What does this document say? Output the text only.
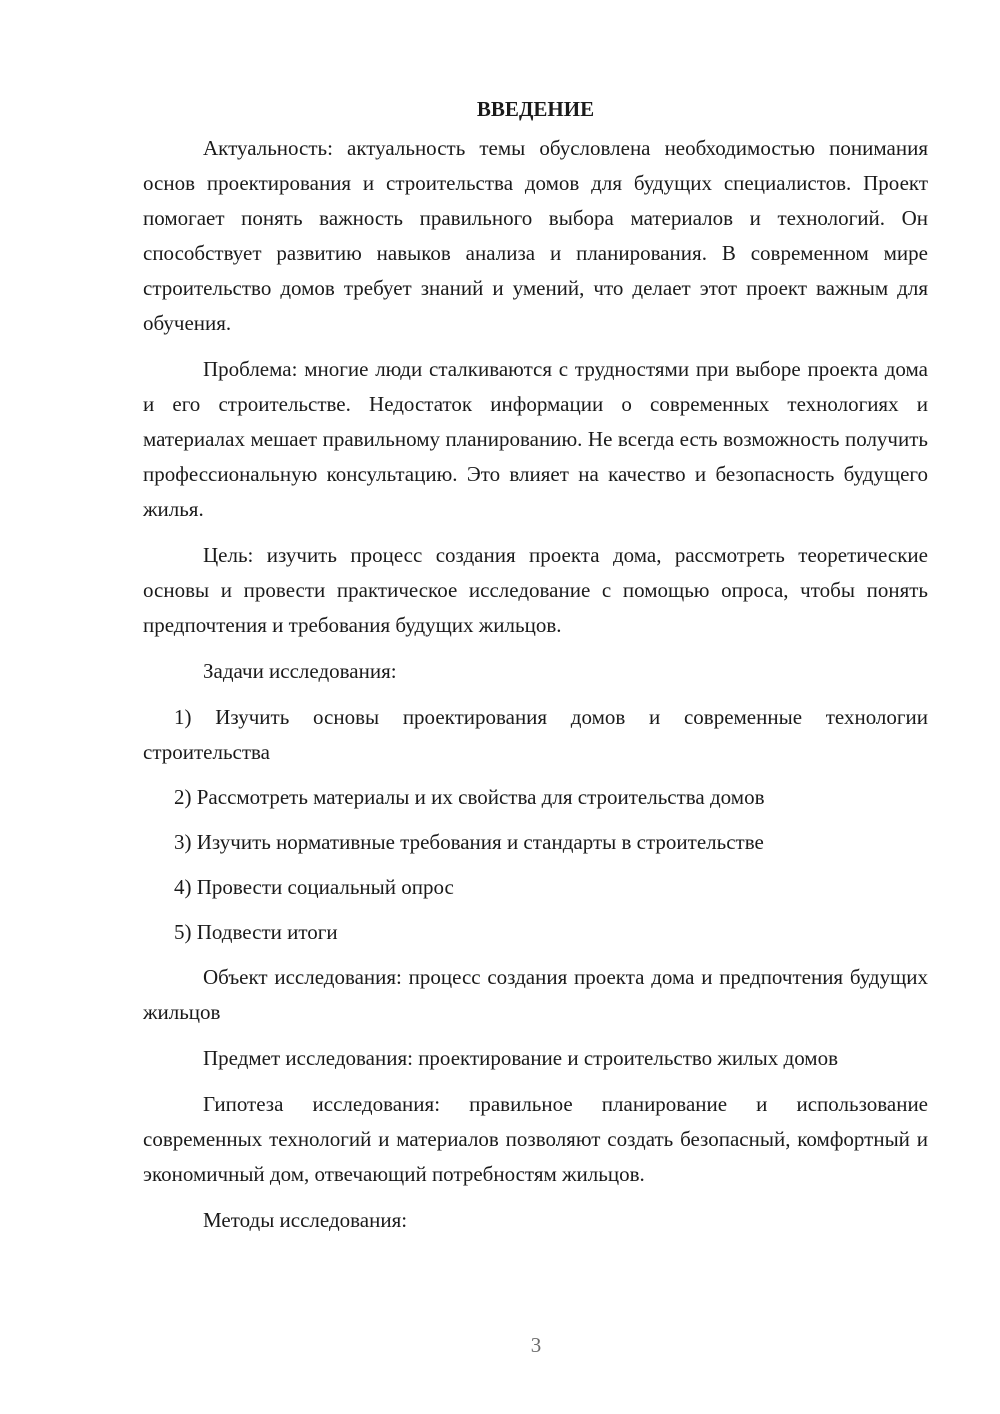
ВВЕДЕНИЕ

Актуальность: актуальность темы обусловлена необходимостью понимания основ проектирования и строительства домов для будущих специалистов. Проект помогает понять важность правильного выбора материалов и технологий. Он способствует развитию навыков анализа и планирования. В современном мире строительство домов требует знаний и умений, что делает этот проект важным для обучения.

Проблема: многие люди сталкиваются с трудностями при выборе проекта дома и его строительстве. Недостаток информации о современных технологиях и материалах мешает правильному планированию. Не всегда есть возможность получить профессиональную консультацию. Это влияет на качество и безопасность будущего жилья.

Цель: изучить процесс создания проекта дома, рассмотреть теоретические основы и провести практическое исследование с помощью опроса, чтобы понять предпочтения и требования будущих жильцов.

Задачи исследования:

1) Изучить основы проектирования домов и современные технологии строительства

2) Рассмотреть материалы и их свойства для строительства домов

3) Изучить нормативные требования и стандарты в строительстве

4) Провести социальный опрос

5) Подвести итоги

Объект исследования: процесс создания проекта дома и предпочтения будущих жильцов

Предмет исследования: проектирование и строительство жилых домов

Гипотеза исследования: правильное планирование и использование современных технологий и материалов позволяют создать безопасный, комфортный и экономичный дом, отвечающий потребностям жильцов.

Методы исследования:

3
